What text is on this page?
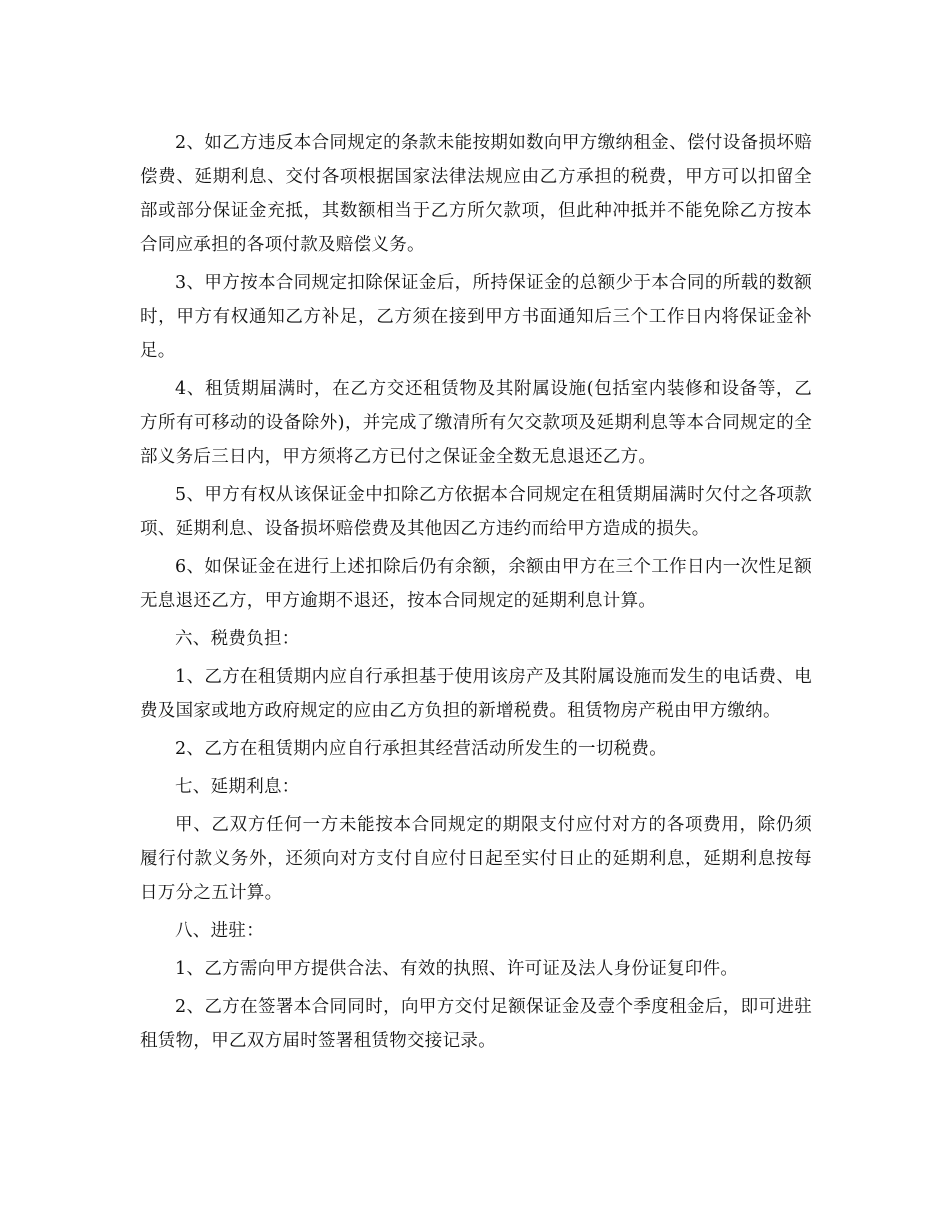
2、如乙方违反本合同规定的条款未能按期如数向甲方缴纳租金、偿付设备损坏赔偿费、延期利息、交付各项根据国家法律法规应由乙方承担的税费，甲方可以扣留全部或部分保证金充抵，其数额相当于乙方所欠款项，但此种冲抵并不能免除乙方按本合同应承担的各项付款及赔偿义务。

3、甲方按本合同规定扣除保证金后，所持保证金的总额少于本合同的所载的数额时，甲方有权通知乙方补足，乙方须在接到甲方书面通知后三个工作日内将保证金补足。

4、租赁期届满时，在乙方交还租赁物及其附属设施(包括室内装修和设备等，乙方所有可移动的设备除外)，并完成了缴清所有欠交款项及延期利息等本合同规定的全部义务后三日内，甲方须将乙方已付之保证金全数无息退还乙方。

5、甲方有权从该保证金中扣除乙方依据本合同规定在租赁期届满时欠付之各项款项、延期利息、设备损坏赔偿费及其他因乙方违约而给甲方造成的损失。

6、如保证金在进行上述扣除后仍有余额，余额由甲方在三个工作日内一次性足额无息退还乙方，甲方逾期不退还，按本合同规定的延期利息计算。

六、税费负担：

1、乙方在租赁期内应自行承担基于使用该房产及其附属设施而发生的电话费、电费及国家或地方政府规定的应由乙方负担的新增税费。租赁物房产税由甲方缴纳。

2、乙方在租赁期内应自行承担其经营活动所发生的一切税费。

七、延期利息：

甲、乙双方任何一方未能按本合同规定的期限支付应付对方的各项费用，除仍须履行付款义务外，还须向对方支付自应付日起至实付日止的延期利息，延期利息按每日万分之五计算。

八、进驻：

1、乙方需向甲方提供合法、有效的执照、许可证及法人身份证复印件。

2、乙方在签署本合同同时，向甲方交付足额保证金及壹个季度租金后，即可进驻租赁物，甲乙双方届时签署租赁物交接记录。
